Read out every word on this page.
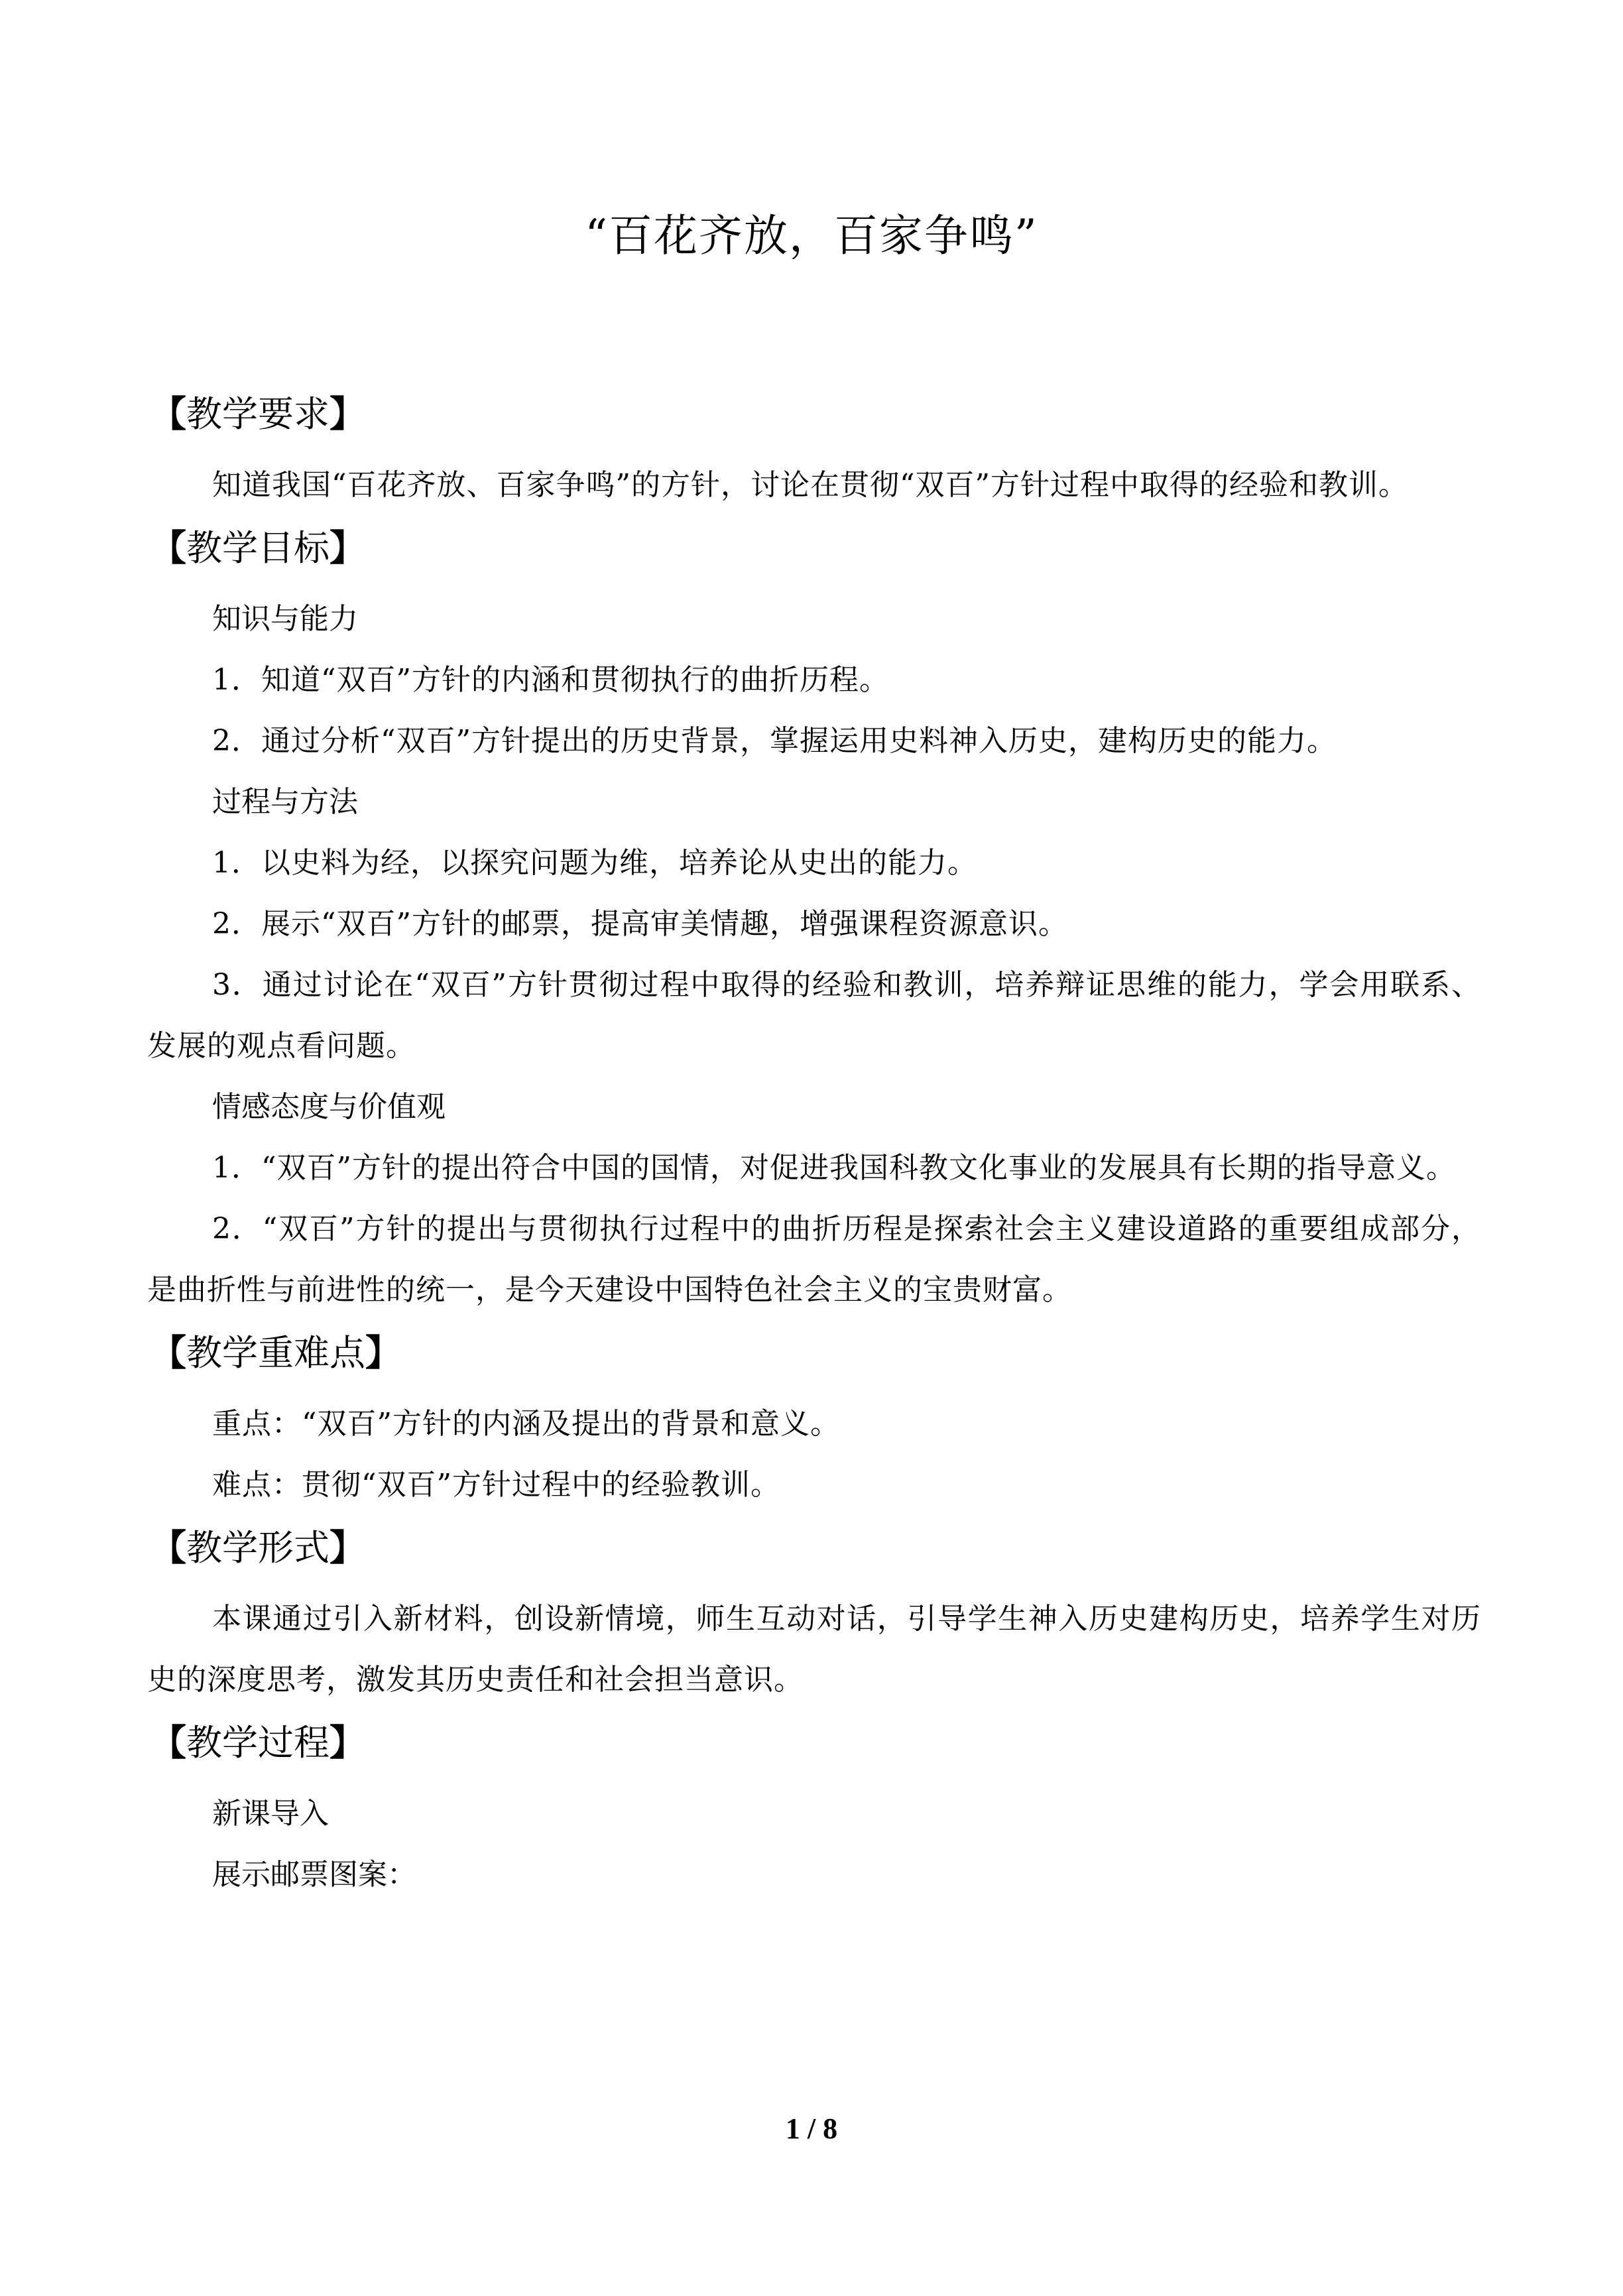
“百花齐放，百家争鸣”
【教学要求】
知道我国“百花齐放、百家争鸣”的方针，讨论在贯彻“双百”方针过程中取得的经验和教训。
【教学目标】
知识与能力
1．知道“双百”方针的内涵和贯彻执行的曲折历程。
2．通过分析“双百”方针提出的历史背景，掌握运用史料神入历史，建构历史的能力。
过程与方法
1．以史料为经，以探究问题为维，培养论从史出的能力。
2．展示“双百”方针的邮票，提高审美情趣，增强课程资源意识。
3．通过讨论在“双百”方针贯彻过程中取得的经验和教训，培养辩证思维的能力，学会用联系、发展的观点看问题。
情感态度与价值观
1．“双百”方针的提出符合中国的国情，对促进我国科教文化事业的发展具有长期的指导意义。
2．“双百”方针的提出与贯彻执行过程中的曲折历程是探索社会主义建设道路的重要组成部分，是曲折性与前进性的统一，是今天建设中国特色社会主义的宝贵财富。
【教学重难点】
重点：“双百”方针的内涵及提出的背景和意义。
难点：贯彻“双百”方针过程中的经验教训。
【教学形式】
本课通过引入新材料，创设新情境，师生互动对话，引导学生神入历史建构历史，培养学生对历史的深度思考，激发其历史责任和社会担当意识。
【教学过程】
新课导入
展示邮票图案：
1 / 8
